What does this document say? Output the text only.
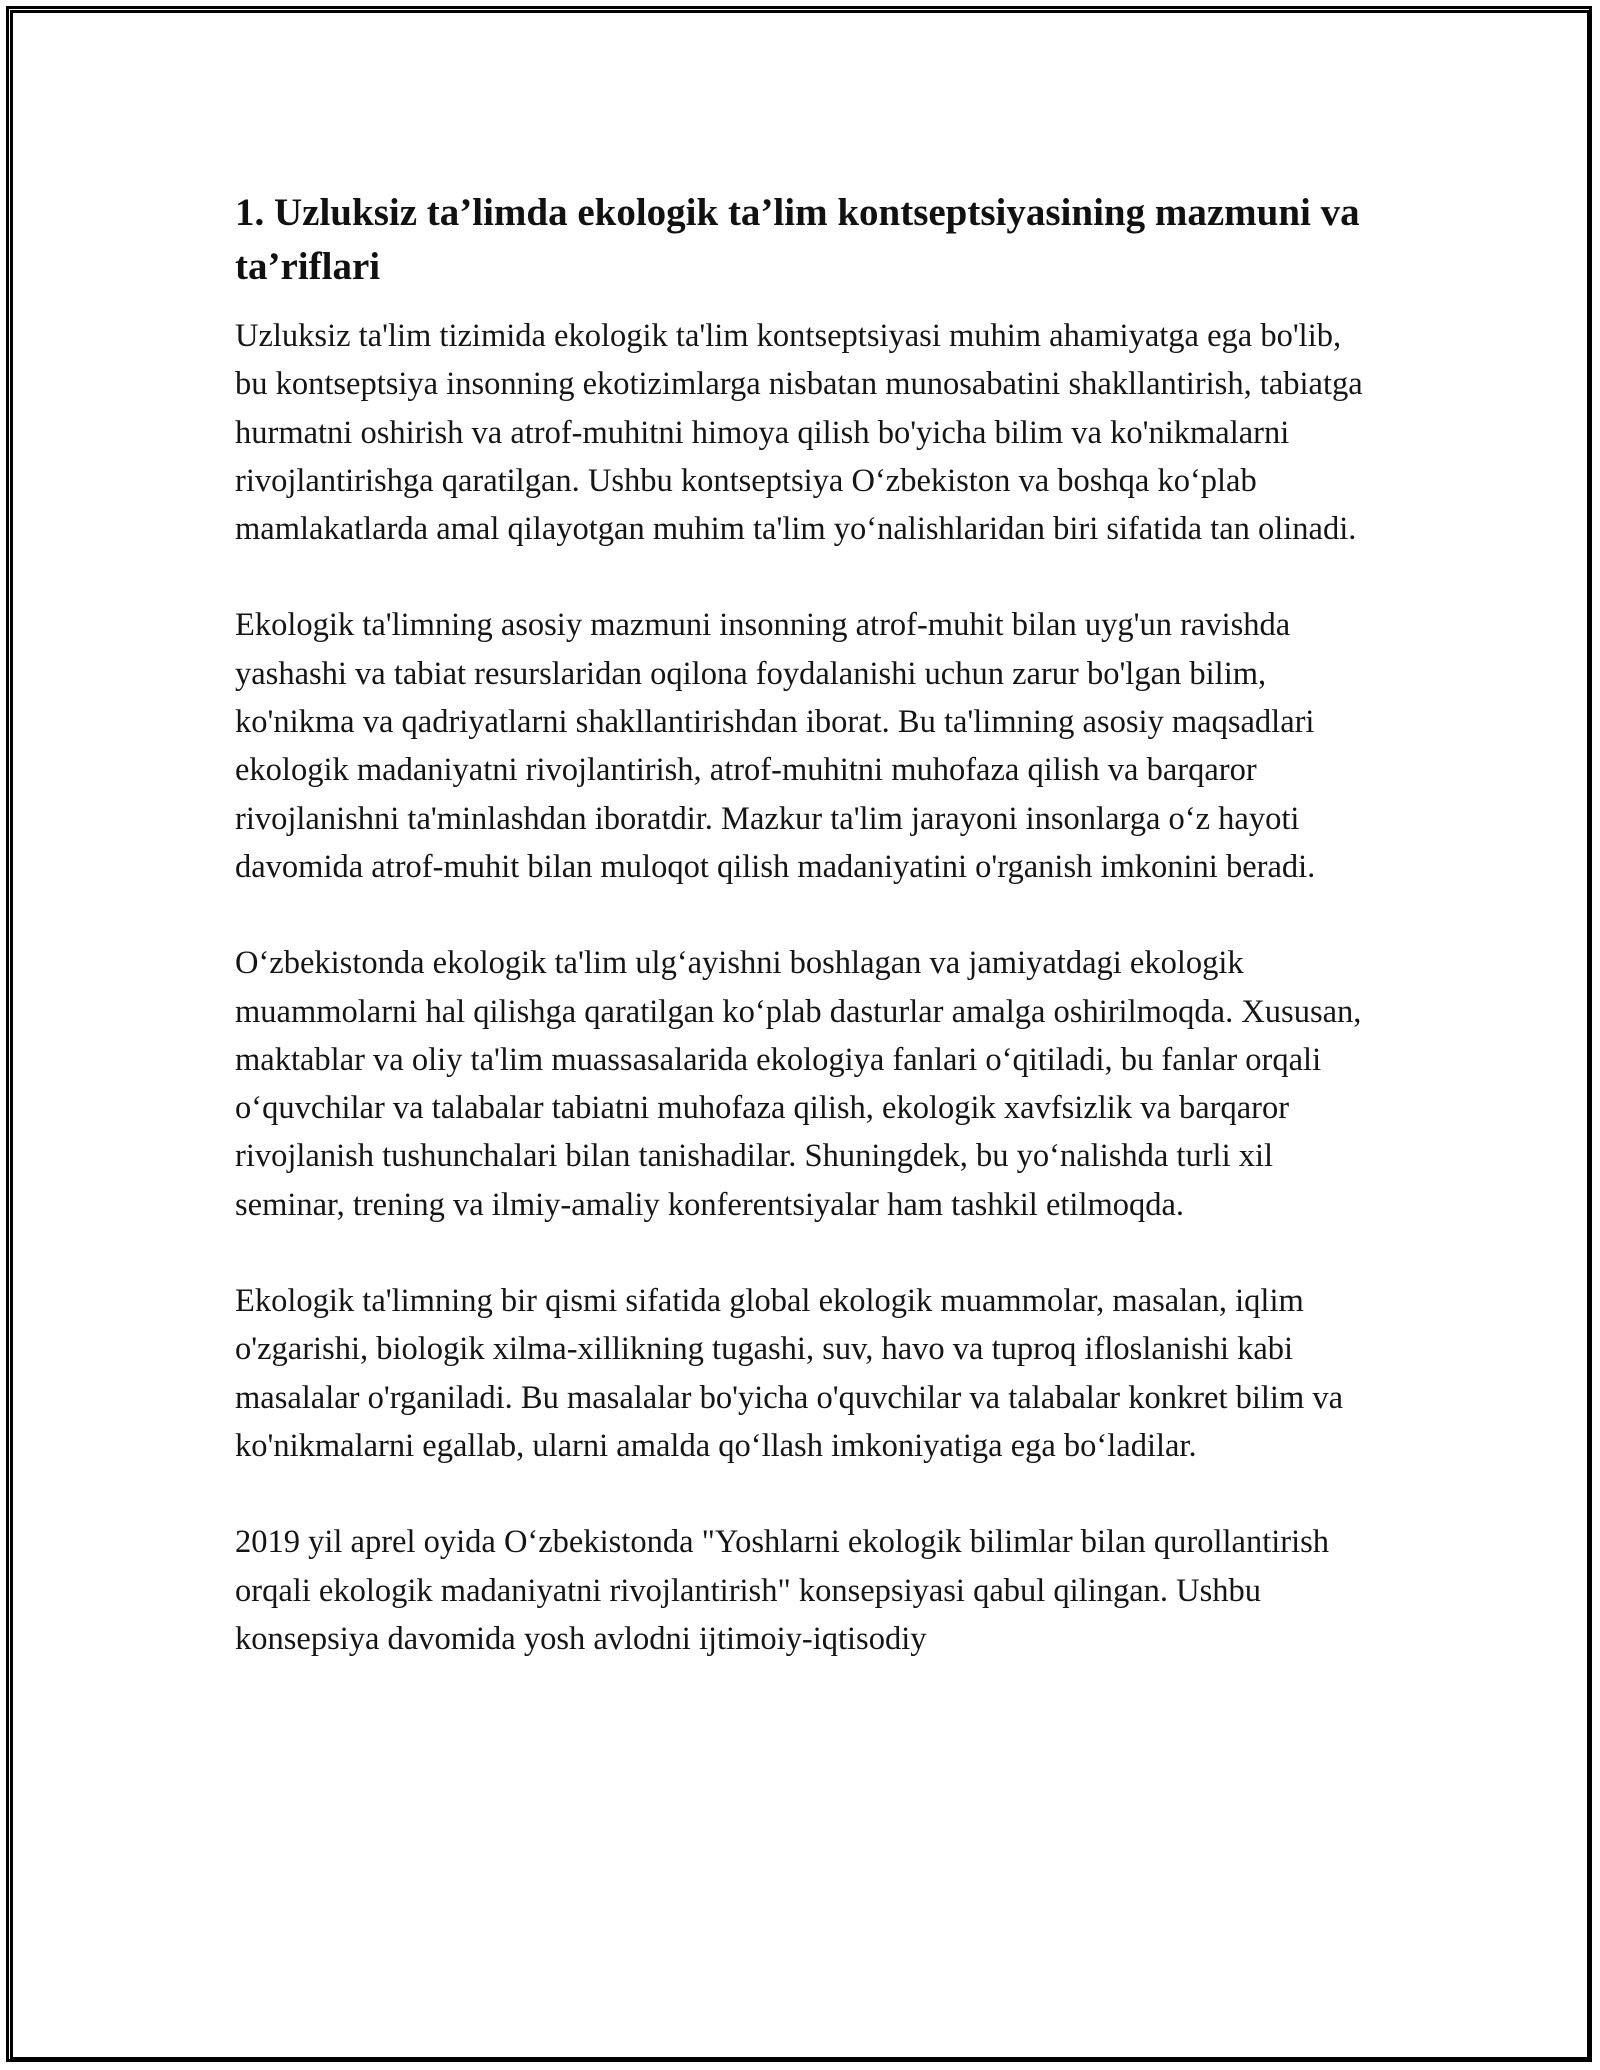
1. Uzluksiz ta’limda ekologik ta’lim kontseptsiyasining mazmuni va ta’riflari

Uzluksiz ta'lim tizimida ekologik ta'lim kontseptsiyasi muhim ahamiyatga ega bo'lib, bu kontseptsiya insonning ekotizimlarga nisbatan munosabatini shakllantirish, tabiatga hurmatni oshirish va atrof-muhitni himoya qilish bo'yicha bilim va ko'nikmalarni rivojlantirishga qaratilgan. Ushbu kontseptsiya O‘zbekiston va boshqa ko‘plab mamlakatlarda amal qilayotgan muhim ta'lim yo‘nalishlaridan biri sifatida tan olinadi.

Ekologik ta'limning asosiy mazmuni insonning atrof-muhit bilan uyg'un ravishda yashashi va tabiat resurslaridan oqilona foydalanishi uchun zarur bo'lgan bilim, ko'nikma va qadriyatlarni shakllantirishdan iborat. Bu ta'limning asosiy maqsadlari ekologik madaniyatni rivojlantirish, atrof-muhitni muhofaza qilish va barqaror rivojlanishni ta'minlashdan iboratdir. Mazkur ta'lim jarayoni insonlarga o‘z hayoti davomida atrof-muhit bilan muloqot qilish madaniyatini o'rganish imkonini beradi.

O‘zbekistonda ekologik ta'lim ulg‘ayishni boshlagan va jamiyatdagi ekologik muammolarni hal qilishga qaratilgan ko‘plab dasturlar amalga oshirilmoqda. Xususan, maktablar va oliy ta'lim muassasalarida ekologiya fanlari o‘qitiladi, bu fanlar orqali o‘quvchilar va talabalar tabiatni muhofaza qilish, ekologik xavfsizlik va barqaror rivojlanish tushunchalari bilan tanishadilar. Shuningdek, bu yo‘nalishda turli xil seminar, trening va ilmiy-amaliy konferentsiyalar ham tashkil etilmoqda.

Ekologik ta'limning bir qismi sifatida global ekologik muammolar, masalan, iqlim o'zgarishi, biologik xilma-xillikning tugashi, suv, havo va tuproq ifloslanishi kabi masalalar o'rganiladi. Bu masalalar bo'yicha o'quvchilar va talabalar konkret bilim va ko'nikmalarni egallab, ularni amalda qo‘llash imkoniyatiga ega bo‘ladilar.

2019 yil aprel oyida O‘zbekistonda "Yoshlarni ekologik bilimlar bilan qurollantirish orqali ekologik madaniyatni rivojlantirish" konsepsiyasi qabul qilingan. Ushbu konsepsiya davomida yosh avlodni ijtimoiy-iqtisodiy
